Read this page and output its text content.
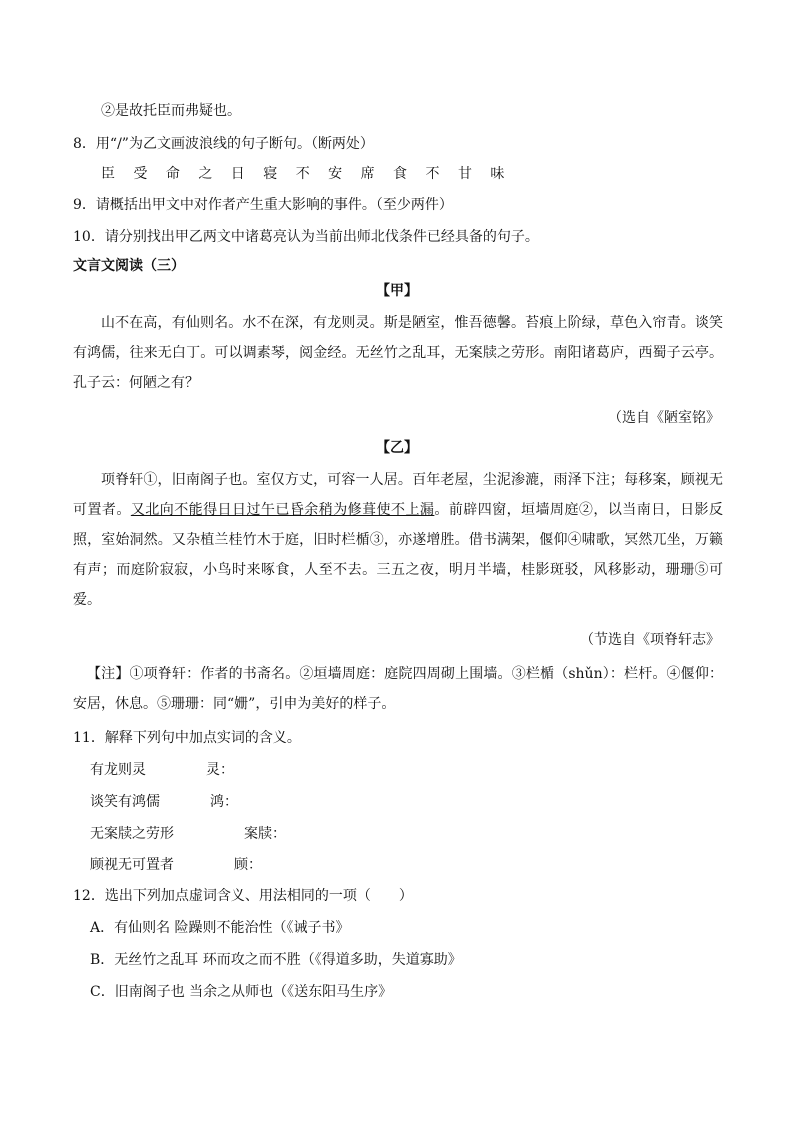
②是故托臣而弗疑也。
8．用“/”为乙文画波浪线的句子断句。（断两处）
臣 受 命 之 日 寝 不 安 席 食 不 甘 味
9．请概括出甲文中对作者产生重大影响的事件。（至少两件）
10．请分别找出甲乙两文中诸葛亮认为当前出师北伐条件已经具备的句子。
文言文阅读（三）
【甲】
山不在高，有仙则名。水不在深，有龙则灵。斯是陋室，惟吾德馨。苔痕上阶绿，草色入帘青。谈笑有鸿儒，往来无白丁。可以调素琴，阅金经。无丝竹之乱耳，无案牍之劳形。南阳诸葛庐，西蜀子云亭。孔子云：何陋之有？
（选自《陋室铭》
【乙】
项脊轩①，旧南阁子也。室仅方丈，可容一人居。百年老屋，尘泥渗漉，雨泽下注；每移案，顾视无可置者。又北向不能得日日过午已昏余稍为修葺使不上漏。前辟四窗，垣墙周庭②，以当南日，日影反照，室始洞然。又杂植兰桂竹木于庭，旧时栏楯③，亦遂增胜。借书满架，偃仰④啸歌，冥然兀坐，万籁有声；而庭阶寂寂，小鸟时来啄食，人至不去。三五之夜，明月半墙，桂影斑驳，风移影动，珊珊⑤可爱。
（节选自《项脊轩志》
【注】①项脊轩：作者的书斋名。②垣墙周庭：庭院四周砌上围墙。③栏楯（shǔn）：栏杆。④偃仰：安居，休息。⑤珊珊：同“姗”，引申为美好的样子。
11．解释下列句中加点实词的含义。
有龙则灵	灵：
谈笑有鸿儒	鸿：
无案牍之劳形	案牍：
顾视无可置者	顾：
12．选出下列加点虚词含义、用法相同的一项（　　）
A．有仙则名 险躁则不能治性（《诫子书》
B．无丝竹之乱耳 环而攻之而不胜（《得道多助，失道寡助》
C．旧南阁子也 当余之从师也（《送东阳马生序》
